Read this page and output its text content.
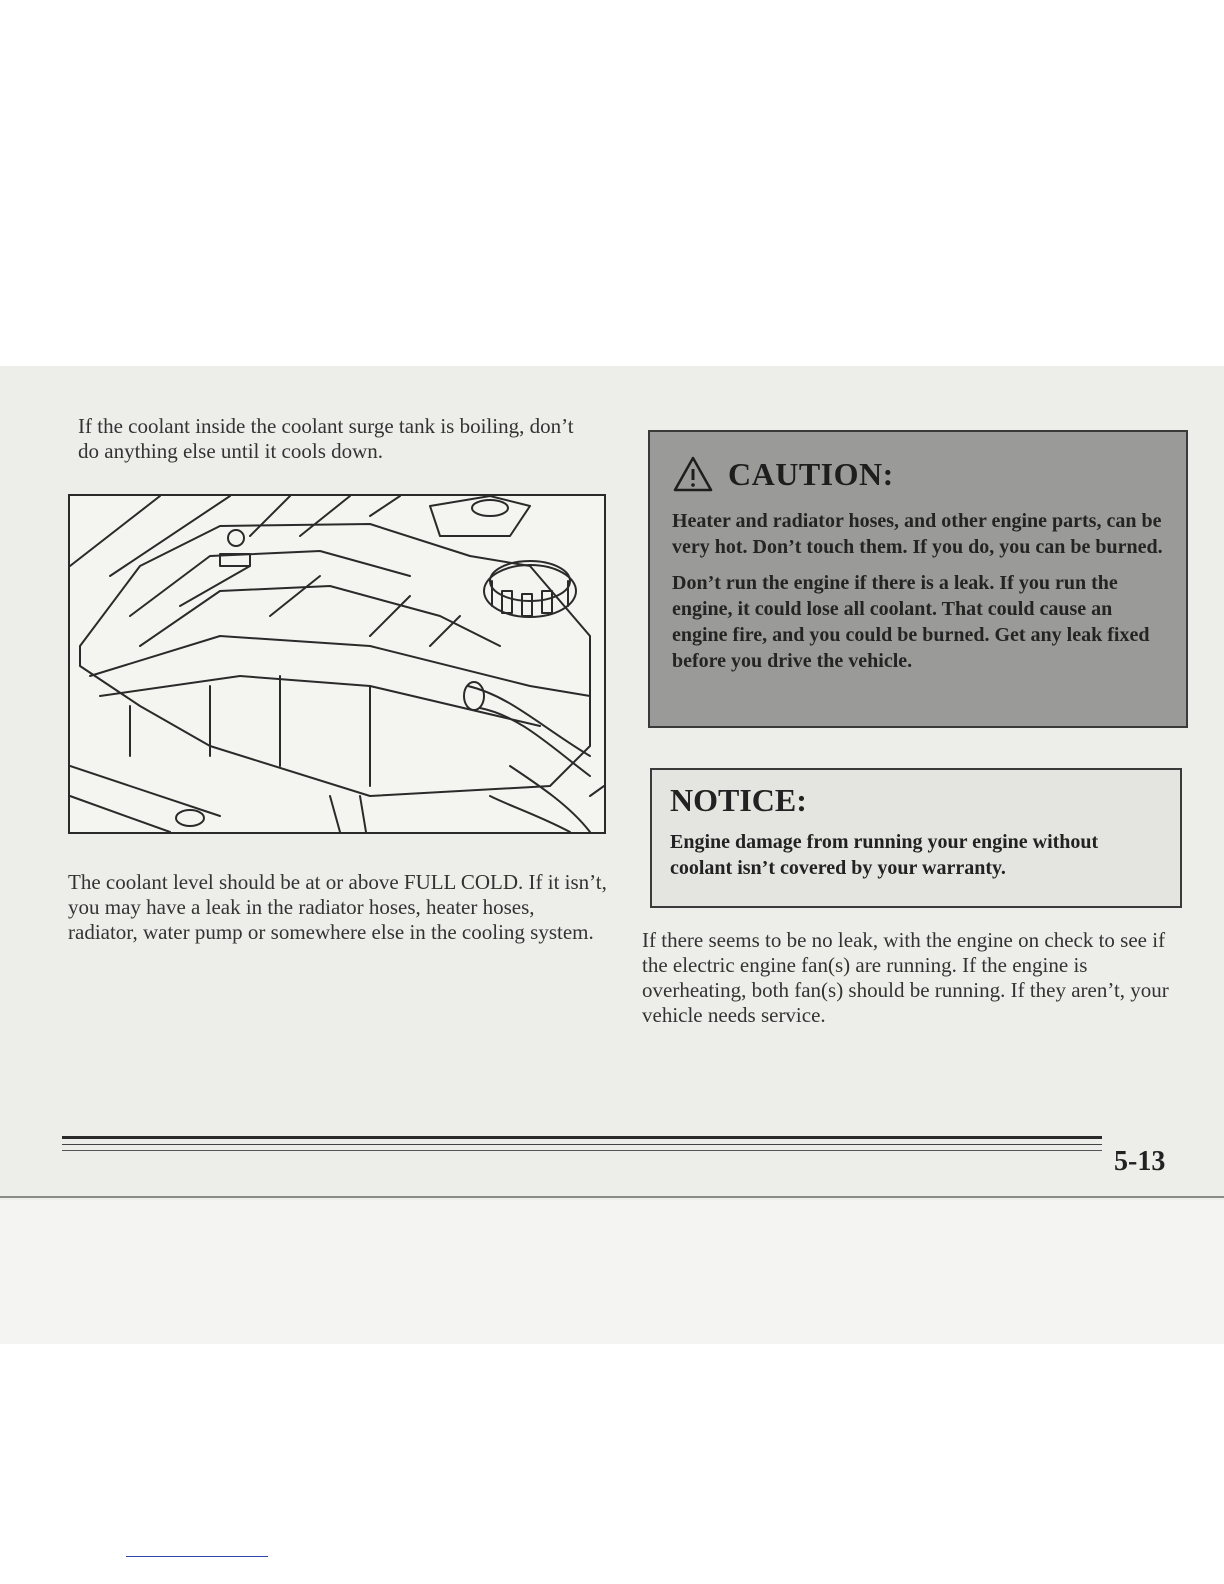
If the coolant inside the coolant surge tank is boiling, don’t do anything else until it cools down.

The coolant level should be at or above FULL COLD. If it isn’t, you may have a leak in the radiator hoses, heater hoses, radiator, water pump or somewhere else in the cooling system.

CAUTION:

Heater and radiator hoses, and other engine parts, can be very hot. Don’t touch them. If you do, you can be burned.

Don’t run the engine if there is a leak. If you run the engine, it could lose all coolant. That could cause an engine fire, and you could be burned. Get any leak fixed before you drive the vehicle.

NOTICE:

Engine damage from running your engine without coolant isn’t covered by your warranty.

If there seems to be no leak, with the engine on check to see if the electric engine fan(s) are running. If the engine is overheating, both fan(s) should be running. If they aren’t, your vehicle needs service.

5-13
